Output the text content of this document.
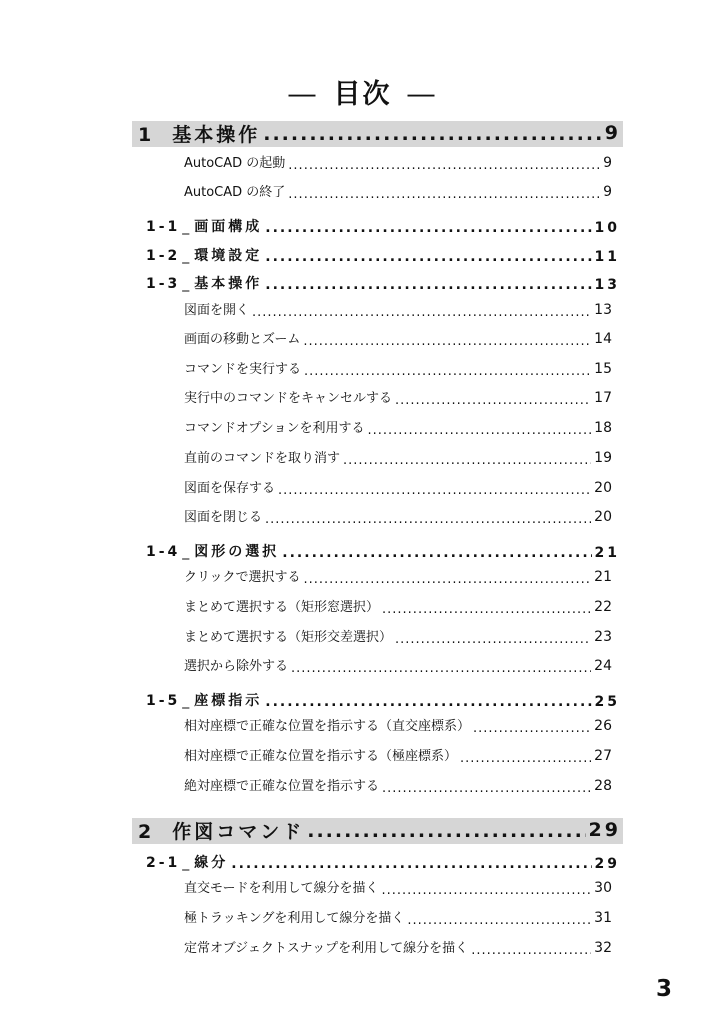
― 目次 ―
1 基本操作 .....	9
AutoCAD の起動 .....	9
AutoCAD の終了 .....	9
1-1 _ 画面構成 .....	10
1-2 _ 環境設定 .....	11
1-3 _ 基本操作 .....	13
図面を開く .....	13
画面の移動とズーム .....	14
コマンドを実行する .....	15
実行中のコマンドをキャンセルする .....	17
コマンドオプションを利用する .....	18
直前のコマンドを取り消す .....	19
図面を保存する .....	20
図面を閉じる .....	20
1-4 _ 図形の選択 .....	21
クリックで選択する .....	21
まとめて選択する（矩形窓選択） .....	22
まとめて選択する（矩形交差選択） .....	23
選択から除外する .....	24
1-5 _ 座標指示 .....	25
相対座標で正確な位置を指示する（直交座標系） .....	26
相対座標で正確な位置を指示する（極座標系） .....	27
絶対座標で正確な位置を指示する .....	28
2 作図コマンド .....	29
2-1 _ 線分 .....	29
直交モードを利用して線分を描く .....	30
極トラッキングを利用して線分を描く .....	31
定常オブジェクトスナップを利用して線分を描く .....	32
3
